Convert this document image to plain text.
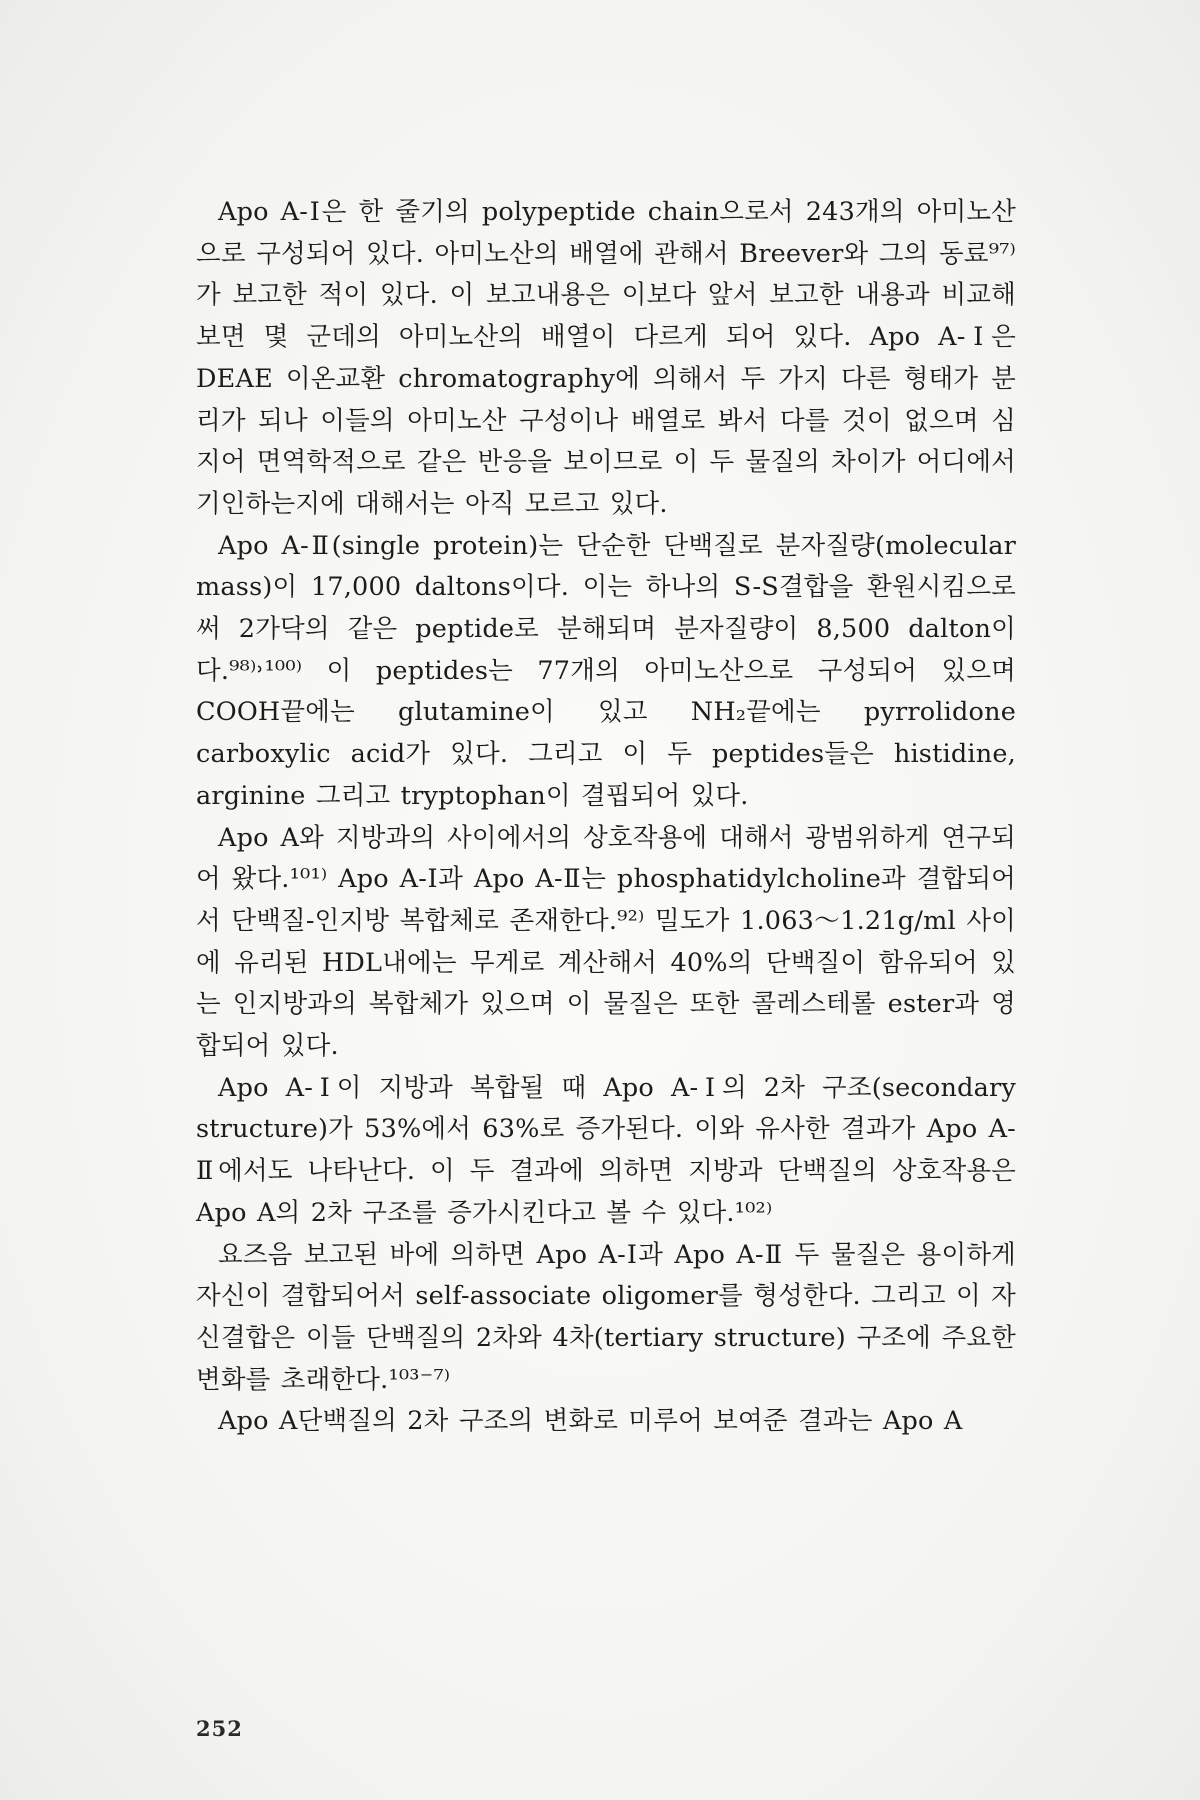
Apo A-Ⅰ은 한 줄기의 polypeptide chain으로서 243개의 아미노산으로 구성되어 있다. 아미노산의 배열에 관해서 Breever와 그의 동료⁹⁷⁾가 보고한 적이 있다. 이 보고내용은 이보다 앞서 보고한 내용과 비교해 보면 몇 군데의 아미노산의 배열이 다르게 되어 있다. Apo A-Ⅰ은 DEAE 이온교환 chromatography에 의해서 두 가지 다른 형태가 분리가 되나 이들의 아미노산 구성이나 배열로 봐서 다를 것이 없으며 심지어 면역학적으로 같은 반응을 보이므로 이 두 물질의 차이가 어디에서 기인하는지에 대해서는 아직 모르고 있다.

Apo A-Ⅱ(single protein)는 단순한 단백질로 분자질량(molecular mass)이 17,000 daltons이다. 이는 하나의 S-S결합을 환원시킴으로써 2가닥의 같은 peptide로 분해되며 분자질량이 8,500 dalton이다.⁹⁸⁾˒¹⁰⁰⁾ 이 peptides는 77개의 아미노산으로 구성되어 있으며 COOH끝에는 glutamine이 있고 NH₂끝에는 pyrrolidone carboxylic acid가 있다. 그리고 이 두 peptides들은 histidine, arginine 그리고 tryptophan이 결핍되어 있다.

Apo A와 지방과의 사이에서의 상호작용에 대해서 광범위하게 연구되어 왔다.¹⁰¹⁾ Apo A-Ⅰ과 Apo A-Ⅱ는 phosphatidylcholine과 결합되어서 단백질-인지방 복합체로 존재한다.⁹²⁾ 밀도가 1.063～1.21g/ml 사이에 유리된 HDL내에는 무게로 계산해서 40%의 단백질이 함유되어 있는 인지방과의 복합체가 있으며 이 물질은 또한 콜레스테롤 ester과 영합되어 있다.

Apo A-Ⅰ이 지방과 복합될 때 Apo A-Ⅰ의 2차 구조(secondary structure)가 53%에서 63%로 증가된다. 이와 유사한 결과가 Apo A-Ⅱ에서도 나타난다. 이 두 결과에 의하면 지방과 단백질의 상호작용은 Apo A의 2차 구조를 증가시킨다고 볼 수 있다.¹⁰²⁾

요즈음 보고된 바에 의하면 Apo A-Ⅰ과 Apo A-Ⅱ 두 물질은 용이하게 자신이 결합되어서 self-associate oligomer를 형성한다. 그리고 이 자신결합은 이들 단백질의 2차와 4차(tertiary structure) 구조에 주요한 변화를 초래한다.¹⁰³⁻⁷⁾

Apo A단백질의 2차 구조의 변화로 미루어 보여준 결과는 Apo A

252
